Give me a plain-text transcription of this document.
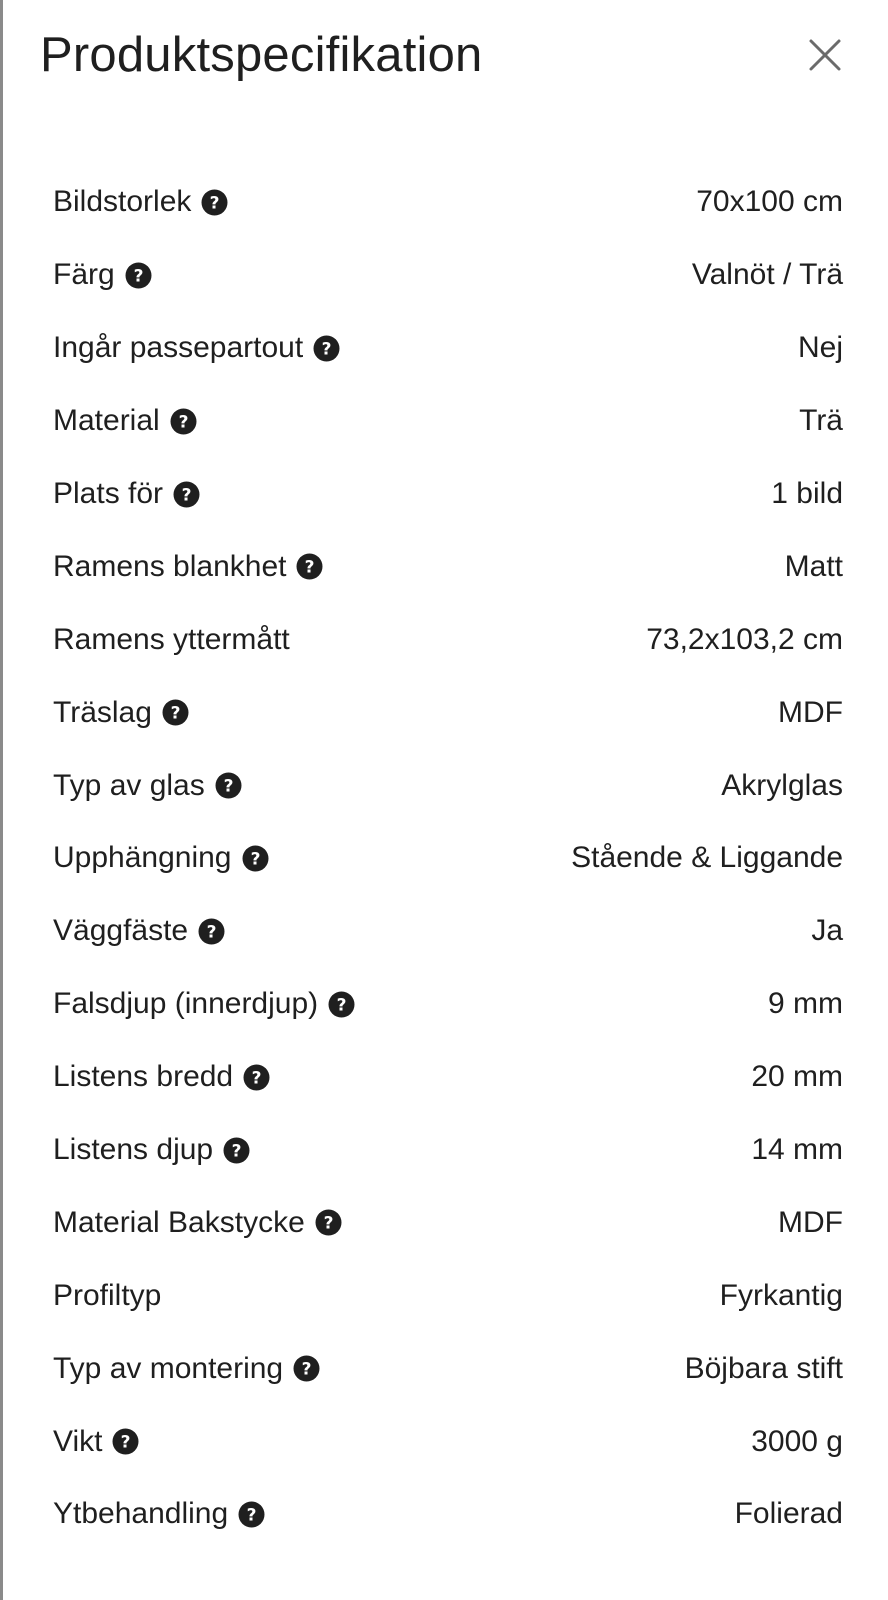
Produktspecifikation
Bildstorlek ?	70x100 cm
Färg ?	Valnöt / Trä
Ingår passepartout ?	Nej
Material ?	Trä
Plats för ?	1 bild
Ramens blankhet ?	Matt
Ramens yttermått	73,2x103,2 cm
Träslag ?	MDF
Typ av glas ?	Akrylglas
Upphängning ?	Stående & Liggande
Väggfäste ?	Ja
Falsdjup (innerdjup) ?	9 mm
Listens bredd ?	20 mm
Listens djup ?	14 mm
Material Bakstycke ?	MDF
Profiltyp	Fyrkantig
Typ av montering ?	Böjbara stift
Vikt ?	3000 g
Ytbehandling ?	Folierad
